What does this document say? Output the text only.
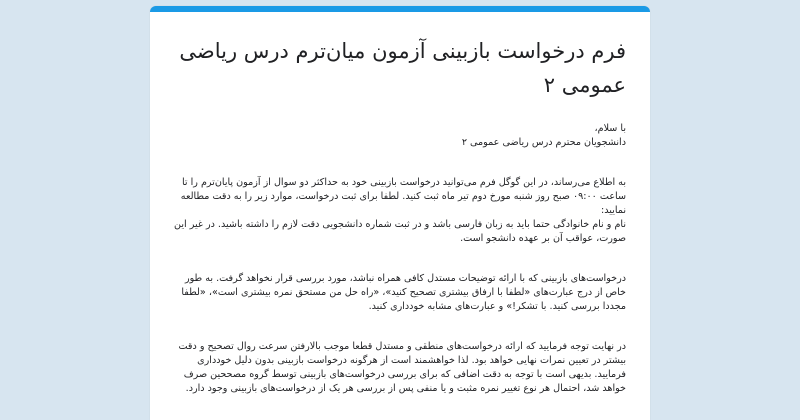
فرم درخواست بازبینی آزمون میان‌ترم درس ریاضی عمومی ۲

با سلام،
دانشجویان محترم درس ریاضی عمومی ۲

به اطلاع می‌رساند، در این گوگل فرم می‌توانید درخواست بازبینی خود به حداکثر دو سوال از آزمون پایان‌ترم را تا ساعت ۰۹:۰۰ صبح روز شنبه مورخ دوم تیر ماه ثبت کنید. لطفا برای ثبت درخواست، موارد زیر را به دقت مطالعه نمایید:
نام و نام خانوادگی حتما باید به زبان فارسی باشد و در ثبت شماره دانشجویی دقت لازم را داشته باشید. در غیر این صورت، عواقب آن بر عهده دانشجو است.

درخواست‌های بازبینی که با ارائه توضیحات مستدل کافی همراه نباشد، مورد بررسی قرار نخواهد گرفت. به طور خاص از درج عبارت‌های «لطفا با ارفاق بیشتری تصحیح کنید»، «راه حل من مستحق نمره بیشتری است»، «لطفا مجددا بررسی کنید. با تشکر!» و عبارت‌های مشابه خودداری کنید.

در نهایت توجه فرمایید که ارائه درخواست‌های منطقی و مستدل قطعا موجب بالارفتن سرعت روال تصحیح و دقت بیشتر در تعیین نمرات نهایی خواهد بود. لذا خواهشمند است از هرگونه درخواست بازبینی بدون دلیل خودداری فرمایید. بدیهی است با توجه به دقت اضافی که برای بررسی درخواست‌های بازبینی توسط گروه مصححین صرف خواهد شد، احتمال هر نوع تغییر نمره مثبت و یا منفی پس از بررسی هر یک از درخواست‌های بازبینی وجود دارد.
